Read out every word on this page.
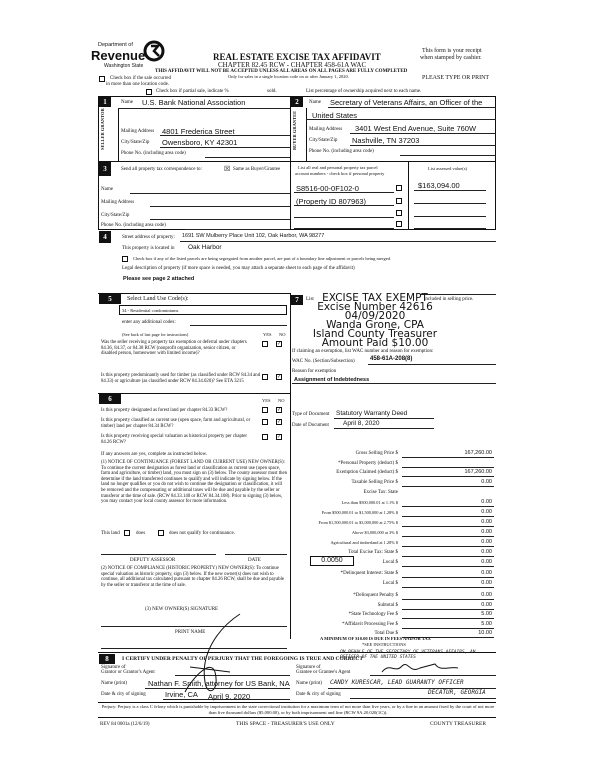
Department of
Revenue
Washington State
REAL ESTATE EXCISE TAX AFFIDAVIT
CHAPTER 82.45 RCW - CHAPTER 458-61A WAC
THIS AFFIDAVIT WILL NOT BE ACCEPTED UNLESS ALL AREAS ON ALL PAGES ARE FULLY COMPLETED
Only for sales in a single location code on or after January 1, 2020.
This form is your receipt
when stamped by cashier.
PLEASE TYPE OR PRINT
Check box if the sale occurred
in more than one location code.
Check box if partial sale, indicate %	sold.	List percentage of ownership acquired next to each name.
1
SELLER GRANTOR
Name U.S. Bank National Association
Mailing Address 4801 Frederica Street
City/State/Zip Owensboro, KY 42301
Phone No. (including area code)
2
BUYER GRANTEE
Name Secretary of Veterans Affairs, an Officer of the
United States
Mailing Address 3401 West End Avenue, Suite 760W
City/State/Zip Nashville, TN 37203
Phone No. (including area code)
3	Send all property tax correspondence to:	☒ Same as Buyer/Grantee
Name
Mailing Address
City/State/Zip
Phone No. (including area code)
List all real and personal property tax parcel
account numbers - check box if personal property
List assessed value(s)
S8516-00-0F102-0
(Property ID 807963)
$163,094.00
4	Street address of property: 1691 SW Mulberry Place Unit 102, Oak Harbor, WA 98277
This property is located in Oak Harbor
Check box if any of the listed parcels are being segregated from another parcel, are part of a boundary line adjustment or parcels being merged.
Legal description of property (if more space is needed, you may attach a separate sheet to each page of the affidavit)
Please see page 2 attached
5	Select Land Use Code(s):
34 - Residential condominiums
enter any additional codes:
(See back of last page for instructions)	YES NO
Was the seller receiving a property tax exemption or deferral under chapters 84.36, 84.37, or 84.38 RCW (nonprofit organization, senior citizen, or disabled person, homeowner with limited income)?
✓
Is this property predominantly used for timber (as classified under RCW 84.34 and 84.33) or agriculture (as classified under RCW 84.34.020)? See ETA 3215
✓
6	YES NO
Is this property designated as forest land per chapter 84.33 RCW?	✓
Is this property classified as current use (open space, farm and agricultural, or timber) land per chapter 84.34 RCW?
✓
Is this property receiving special valuation as historical property per chapter 84.26 RCW?
✓
If any answers are yes, complete as instructed below.
(1) NOTICE OF CONTINUANCE (FOREST LAND OR CURRENT USE) NEW OWNER(S): To continue the current designation as forest land or classification as current use (open space, farm and agriculture, or timber) land, you must sign on (3) below. The county assessor must then determine if the land transferred continues to qualify and will indicate by signing below. If the land no longer qualifies or you do not wish to continue the designation or classification, it will be removed and the compensating or additional taxes will be due and payable by the seller or transferor at the time of sale. (RCW 84.33.140 or RCW 84.34.108). Prior to signing (3) below, you may contact your local county assessor for more information.
This land	does	does not qualify for continuance.
DEPUTY ASSESSOR	DATE
(2) NOTICE OF COMPLIANCE (HISTORIC PROPERTY) NEW OWNER(S): To continue special valuation as historic property, sign (3) below. If the new owner(s) does not wish to continue, all additional tax calculated pursuant to chapter 84.26 RCW, shall be due and payable by the seller or transferor at the time of sale.
(3) NEW OWNER(S) SIGNATURE
PRINT NAME
7	List	included in selling price.
EXCISE TAX EXEMPT
Excise Number 42616
04/09/2020
Wanda Grone, CPA
Island County Treasurer
Amount Paid $10.00
If claiming an exemption, list WAC number and reason for exemption:
WAC No. (Section/Subsection)	458-61A-208(8)
Reason for exemption
Assignment of Indebtedness
Type of Document Statutory Warranty Deed
Date of Document April 8, 2020
Gross Selling Price $	167,260.00
*Personal Property (deduct) $
Exemption Claimed (deduct) $	167,260.00
Taxable Selling Price $	0.00
Excise Tax: State
Less than $500,000.01 at 1.1% $	0.00
From $500,000.01 to $1,500,000 at 1.28% $	0.00
From $1,500,000.01 to $3,000,000 at 2.75% $	0.00
Above $3,000,000 at 3% $	0.00
Agricultural and timberland at 1.28% $	0.00
Total Excise Tax: State $	0.00
Local $	0.00
*Delinquent Interest: State $	0.00
Local $	0.00
*Delinquent Penalty $	0.00
Subtotal $	0.00
*State Technology Fee $	5.00
*Affidavit Processing Fee $	5.00
Total Due $	10.00
0.0050
A MINIMUM OF $10.00 IS DUE IN FEES AND/OR TAX
*SEE INSTRUCTIONS
8	I CERTIFY UNDER PENALTY OF PERJURY THAT THE FOREGOING IS TRUE AND CORRECT
ON BEHALF OF THE SECRETARY OF VETERANS AFFAIRS, AN OFFICER OF THE UNITED STATES
Signature of
Grantor or Grantor's Agent
Signature of
Grantee or Grantee's Agent
Name (print)	Nathan F. Smith, attorney for US Bank, NA Name (print) CANDY KURESCAR, LEAD GUARANTY OFFICER
Date & city of signing	Irvine, CA April 9, 2020	Date & city of signing	DECATUR, GEORGIA
Perjury: Perjury is a class C felony which is punishable by imprisonment in the state correctional institution for a maximum term of not more than five years, or by a fine in an amount fixed by the court of not more than five thousand dollars ($5,000.00), or by both imprisonment and fine (RCW 9A.20.020(1C)).
REV 84 0001a (12/6/19)	THIS SPACE - TREASURER'S USE ONLY	COUNTY TREASURER
